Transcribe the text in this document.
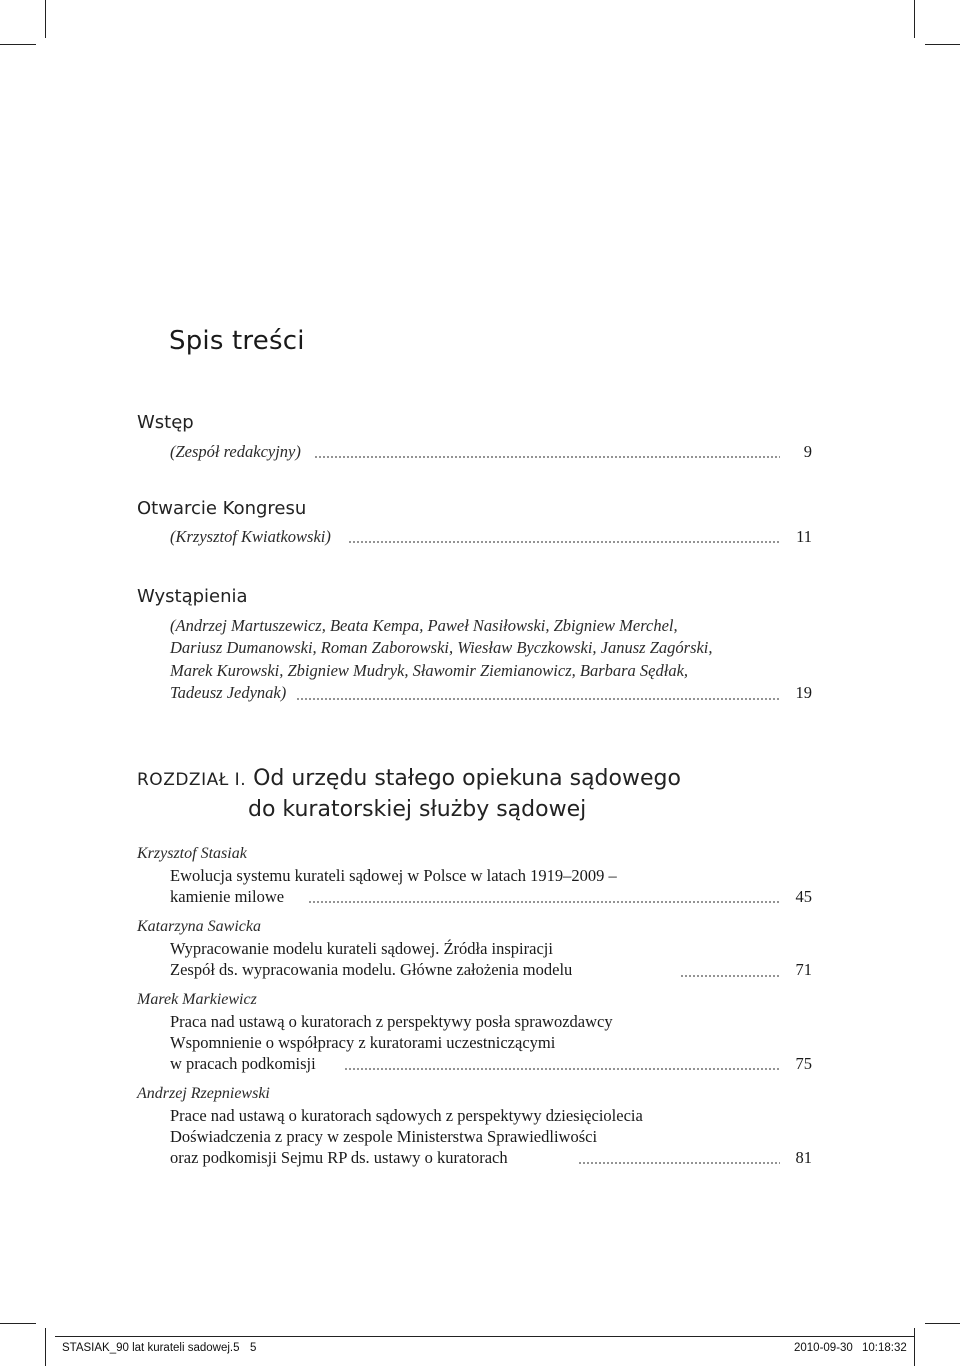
Spis treści
Wstęp
(Zespół redakcyjny)	9
Otwarcie Kongresu
(Krzysztof Kwiatkowski)	11
Wystąpienia
(Andrzej Martuszewicz, Beata Kempa, Paweł Nasiłowski, Zbigniew Merchel,
Dariusz Dumanowski, Roman Zaborowski, Wiesław Byczkowski, Janusz Zagórski,
Marek Kurowski, Zbigniew Mudryk, Sławomir Ziemianowicz, Barbara Sędłak,
Tadeusz Jedynak)	19
ROZDZIAŁ I. Od urzędu stałego opiekuna sądowego
do kuratorskiej służby sądowej
Krzysztof Stasiak
Ewolucja systemu kurateli sądowej w Polsce w latach 1919–2009 –
kamienie milowe	45
Katarzyna Sawicka
Wypracowanie modelu kurateli sądowej. Źródła inspiracji
Zespół ds. wypracowania modelu. Główne założenia modelu	71
Marek Markiewicz
Praca nad ustawą o kuratorach z perspektywy posła sprawozdawcy
Wspomnienie o współpracy z kuratorami uczestniczącymi
w pracach podkomisji	75
Andrzej Rzepniewski
Prace nad ustawą o kuratorach sądowych z perspektywy dziesięciolecia
Doświadczenia z pracy w zespole Ministerstwa Sprawiedliwości
oraz podkomisji Sejmu RP ds. ustawy o kuratorach	81
STASIAK_90 lat kurateli sadowej.5 5	2010-09-30 10:18:32
